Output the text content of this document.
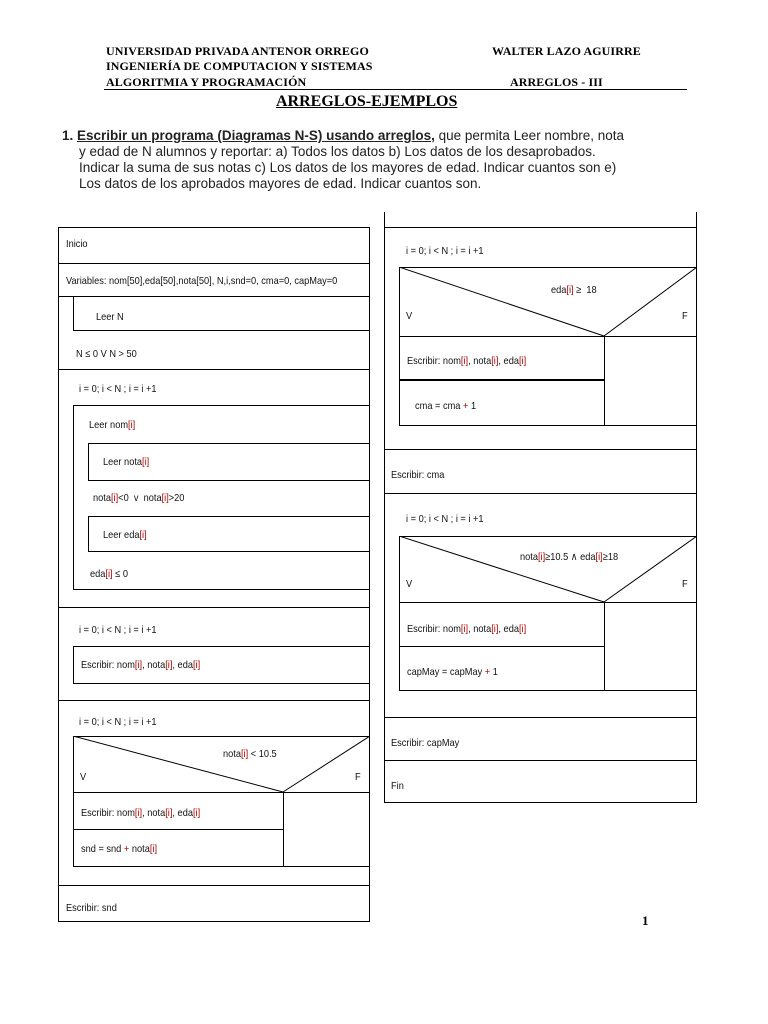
UNIVERSIDAD PRIVADA ANTENOR ORREGO
INGENIERÍA DE COMPUTACION Y SISTEMAS
ALGORITMIA Y PROGRAMACIÓN
WALTER LAZO AGUIRRE
ARREGLOS - III
ARREGLOS-EJEMPLOS
1. Escribir un programa (Diagramas N-S) usando arreglos, que permita Leer nombre, nota
y edad de N alumnos y reportar: a) Todos los datos b) Los datos de los desaprobados.
Indicar la suma de sus notas c) Los datos de los mayores de edad. Indicar cuantos son e)
Los datos de los aprobados mayores de edad. Indicar cuantos son.
Inicio
Variables: nom[50],eda[50],nota[50], N,i,snd=0, cma=0, capMay=0
Leer N
N ≤ 0 V N > 50
i = 0; i < N ; i = i +1
Leer nom[i]
Leer nota[i]
nota[i]<0  v  nota[i]>20
Leer eda[i]
eda[i] ≤ 0
i = 0; i < N ; i = i +1
Escribir: nom[i], nota[i], eda[i]
i = 0; i < N ; i = i +1
nota[i] < 10.5
V	F
Escribir: nom[i], nota[i], eda[i]
snd = snd + nota[i]
Escribir: snd
i = 0; i < N ; i = i +1
eda[i] ≥  18
V	F
Escribir: nom[i], nota[i], eda[i]
cma = cma + 1
Escribir: cma
i = 0; i < N ; i = i +1
nota[i]≥10.5 ∧ eda[i]≥18
V	F
Escribir: nom[i], nota[i], eda[i]
capMay = capMay + 1
Escribir: capMay
Fin
1
